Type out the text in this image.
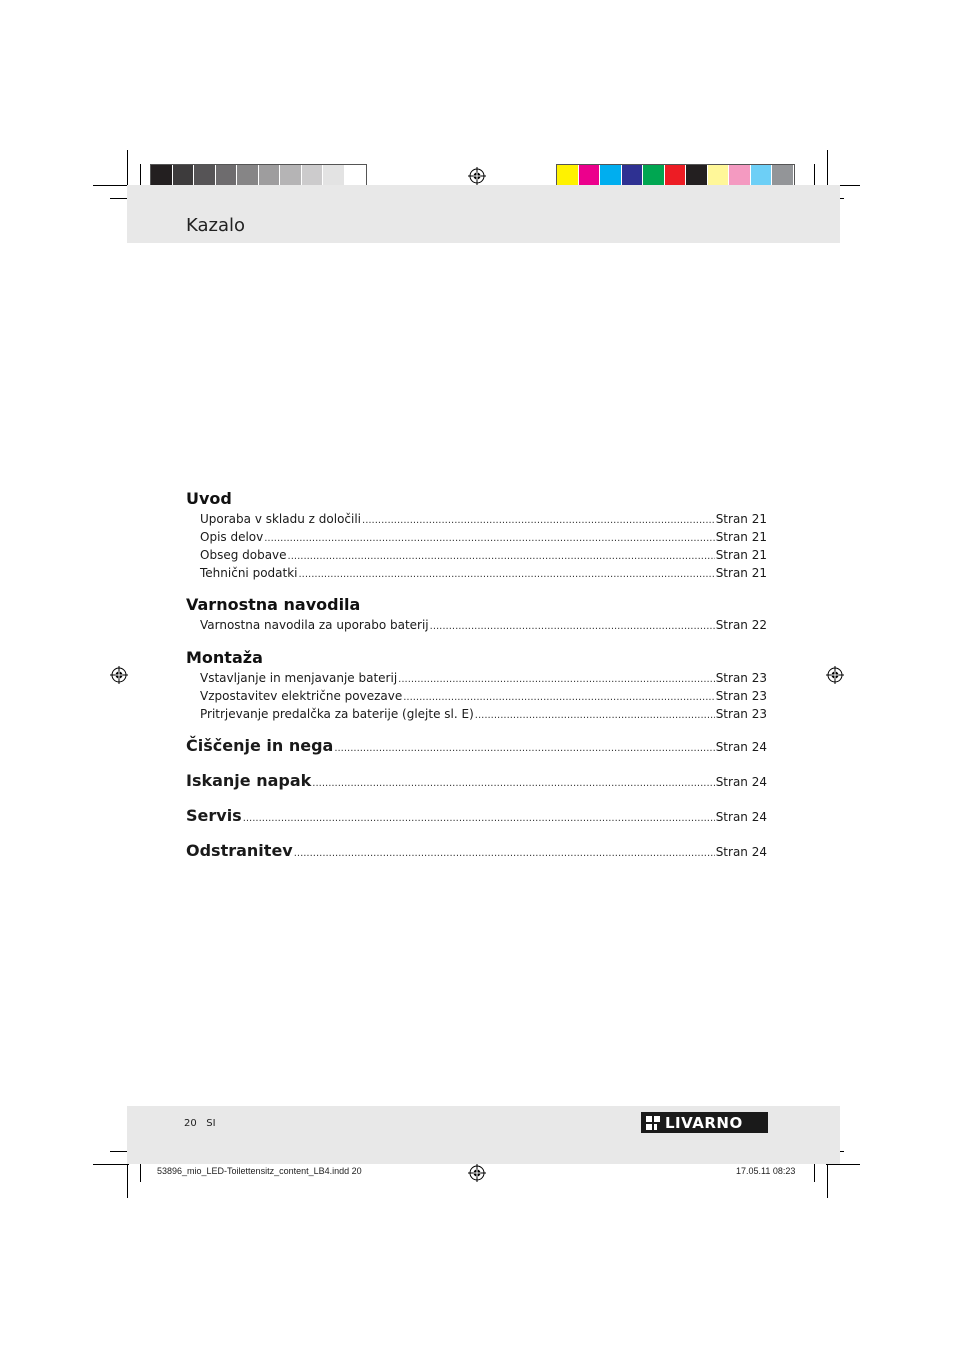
Kazalo
Uvod
Uporaba v skladu z določili .....	Stran 21
Opis delov .....	Stran 21
Obseg dobave .....	Stran 21
Tehnični podatki .....	Stran 21
Varnostna navodila
Varnostna navodila za uporabo baterij .....	Stran 22
Montaža
Vstavljanje in menjavanje baterij .....	Stran 23
Vzpostavitev električne povezave .....	Stran 23
Pritrjevanje predalčka za baterije (glejte sl. E) .....	Stran 23
Čiščenje in nega .....	Stran 24
Iskanje napak .....	Stran 24
Servis .....	Stran 24
Odstranitev .....	Stran 24
20 SI	LIVARNO
53896_mio_LED-Toilettensitz_content_LB4.indd 20	17.05.11 08:23
